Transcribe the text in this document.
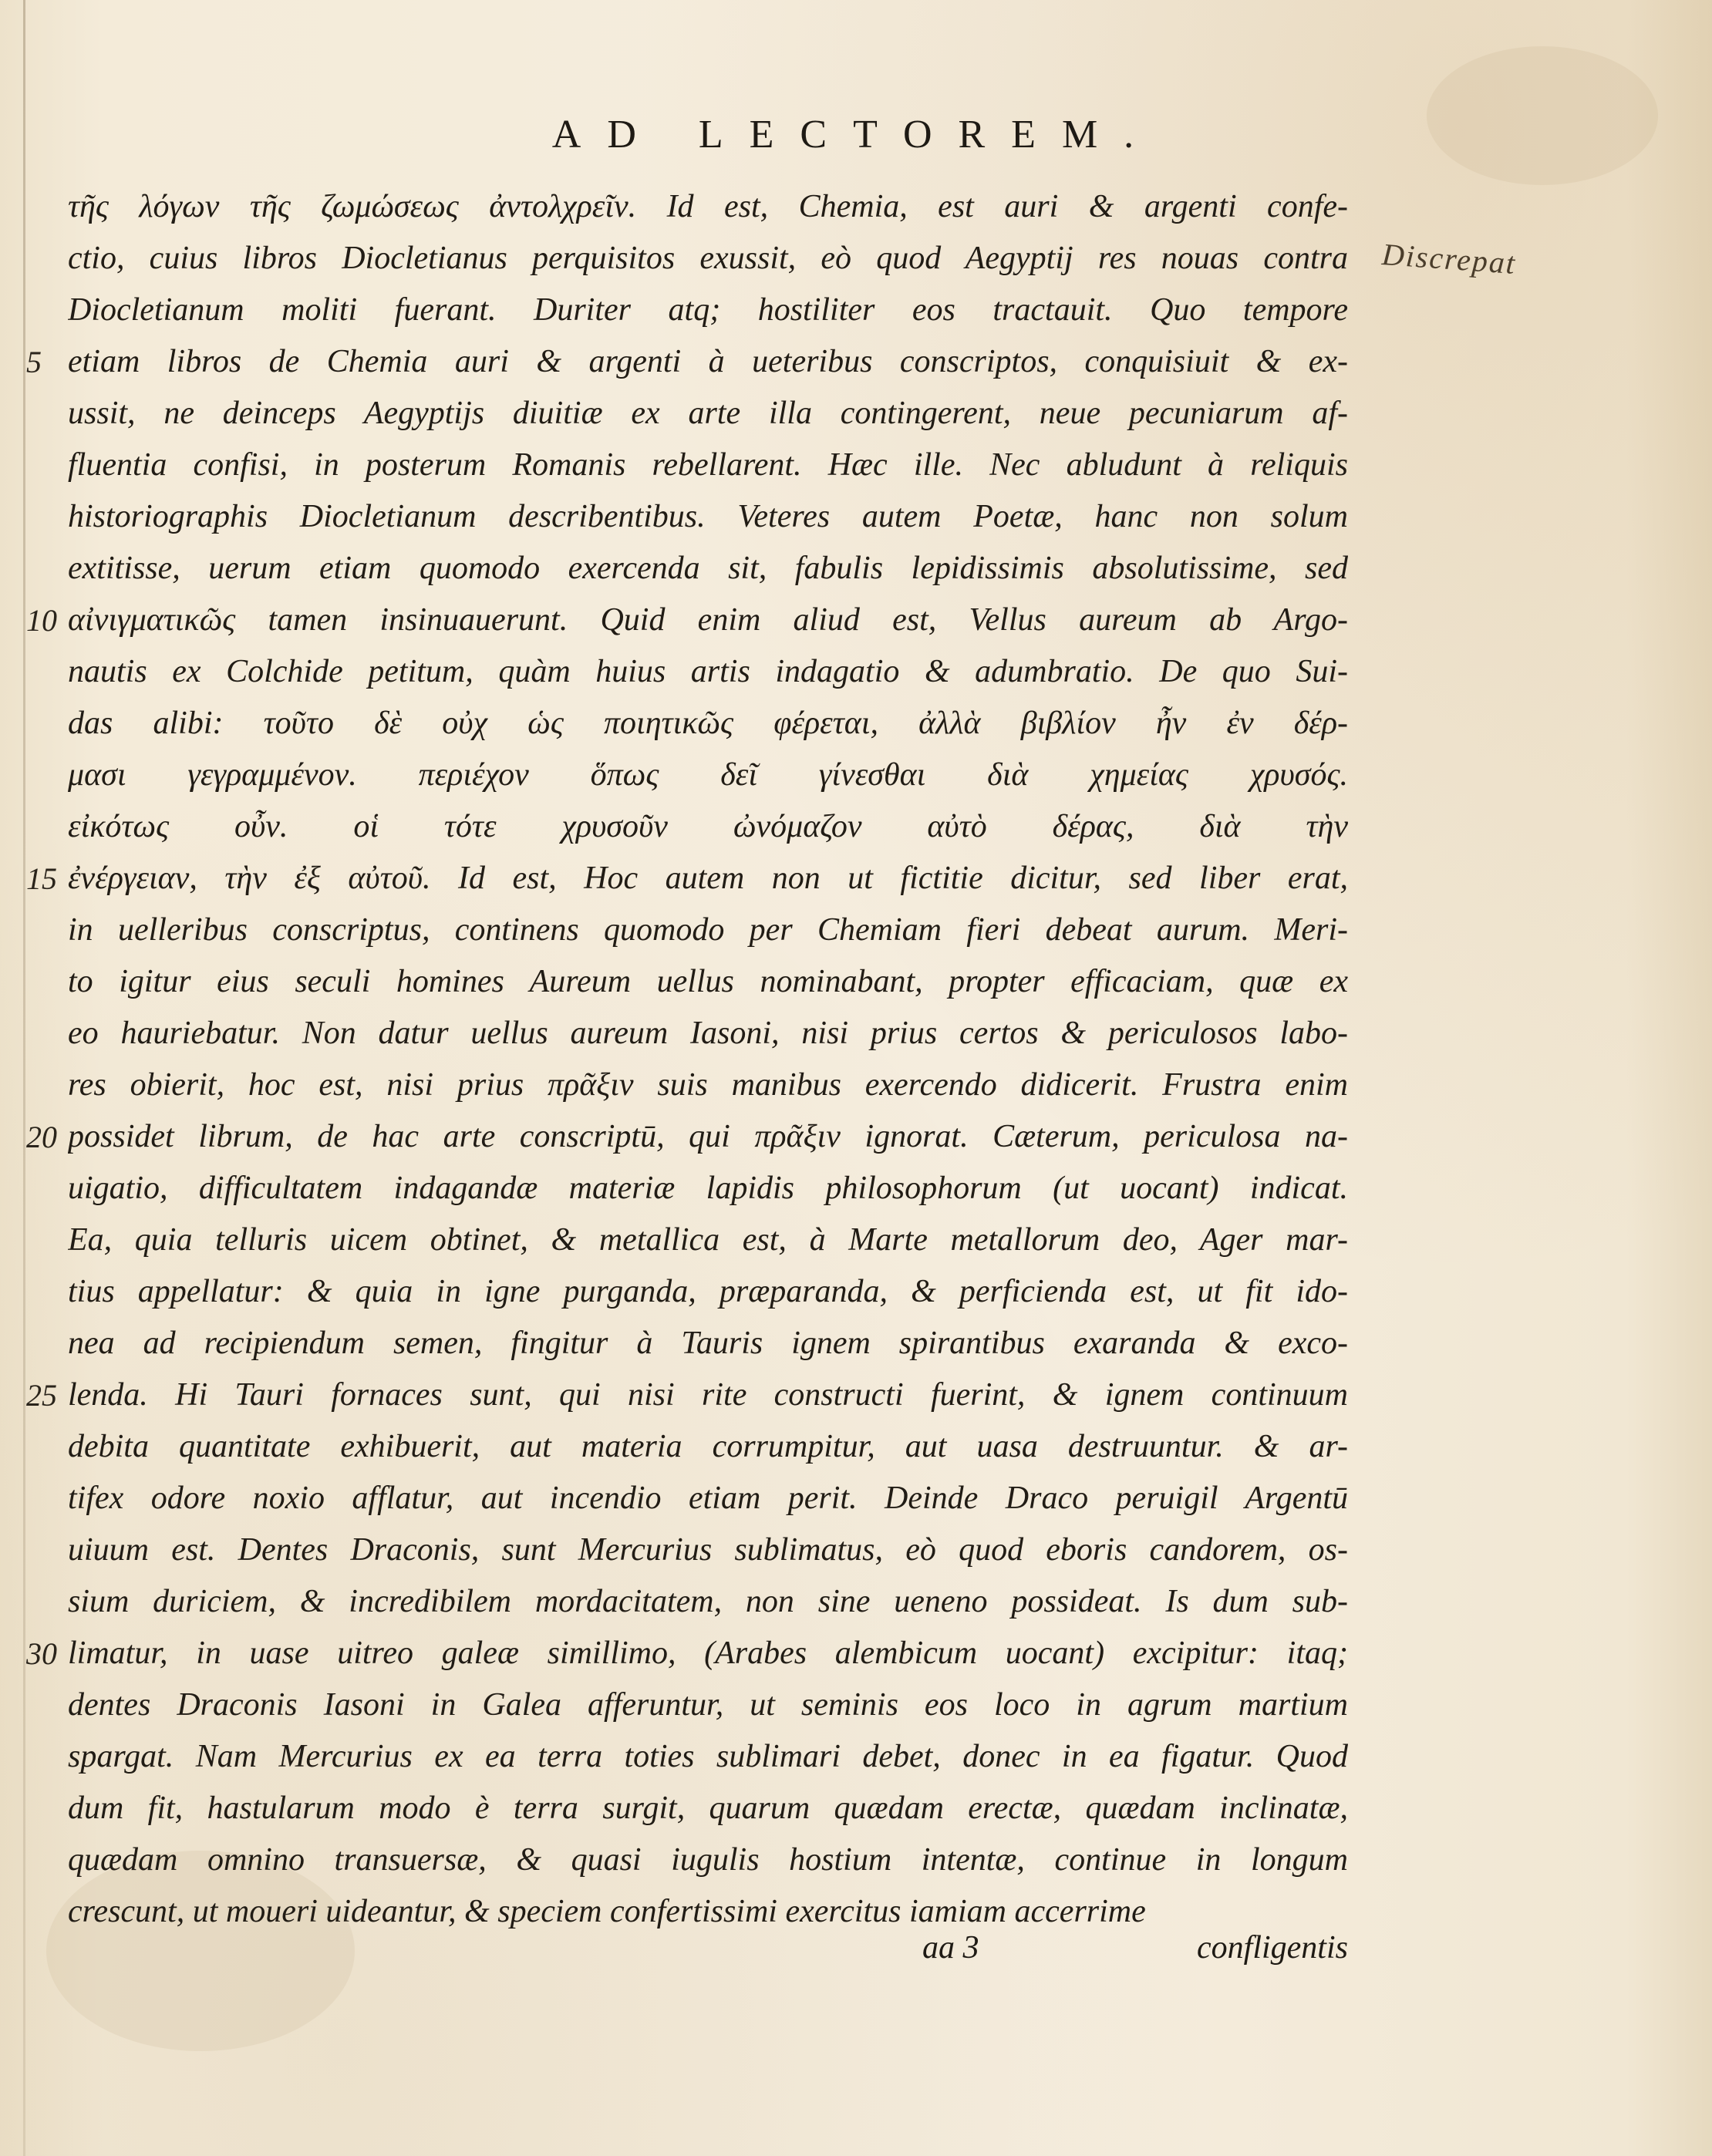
AD LECTOREM.
Discrepat
5
10
15
20
25
30
τῆς λόγων τῆς ζωμώσεως ἀντολχρεῖν. Id est, Chemia, est auri & argenti confe-
ctio, cuius libros Diocletianus perquisitos exussit, eò quod Aegyptij res nouas contra
Diocletianum moliti fuerant. Duriter atq; hostiliter eos tractauit. Quo tempore
etiam libros de Chemia auri & argenti à ueteribus conscriptos, conquisiuit & ex-
ussit, ne deinceps Aegyptijs diuitiæ ex arte illa contingerent, neue pecuniarum af-
fluentia confisi, in posterum Romanis rebellarent. Hæc ille. Nec abludunt à reliquis
historiographis Diocletianum describentibus. Veteres autem Poetæ, hanc non solum
extitisse, uerum etiam quomodo exercenda sit, fabulis lepidissimis absolutissime, sed
αἰνιγματικῶς tamen insinuauerunt. Quid enim aliud est, Vellus aureum ab Argo-
nautis ex Colchide petitum, quàm huius artis indagatio & adumbratio. De quo Sui-
das alibi: τοῦτο δὲ οὐχ ὡς ποιητικῶς φέρεται, ἀλλὰ βιβλίον ἦν ἐν δέρ-
μασι γεγραμμένον. περιέχον ὅπως δεῖ γίνεσθαι διὰ χημείας χρυσός.
εἰκότως οὖν. οἱ τότε χρυσοῦν ὠνόμαζον αὐτὸ δέρας, διὰ τὴν
ἐνέργειαν, τὴν ἐξ αὐτοῦ. Id est, Hoc autem non ut fictitie dicitur, sed liber erat,
in uelleribus conscriptus, continens quomodo per Chemiam fieri debeat aurum. Meri-
to igitur eius seculi homines Aureum uellus nominabant, propter efficaciam, quæ ex
eo hauriebatur. Non datur uellus aureum Iasoni, nisi prius certos & periculosos labo-
res obierit, hoc est, nisi prius πρᾶξιν suis manibus exercendo didicerit. Frustra enim
possidet librum, de hac arte conscriptū, qui πρᾶξιν ignorat. Cæterum, periculosa na-
uigatio, difficultatem indagandæ materiæ lapidis philosophorum (ut uocant) indicat.
Ea, quia telluris uicem obtinet, & metallica est, à Marte metallorum deo, Ager mar-
tius appellatur: & quia in igne purganda, præparanda, & perficienda est, ut fit ido-
nea ad recipiendum semen, fingitur à Tauris ignem spirantibus exaranda & exco-
lenda. Hi Tauri fornaces sunt, qui nisi rite constructi fuerint, & ignem continuum
debita quantitate exhibuerit, aut materia corrumpitur, aut uasa destruuntur. & ar-
tifex odore noxio afflatur, aut incendio etiam perit. Deinde Draco peruigil Argentū
uiuum est. Dentes Draconis, sunt Mercurius sublimatus, eò quod eboris candorem, os-
sium duriciem, & incredibilem mordacitatem, non sine ueneno possideat. Is dum sub-
limatur, in uase uitreo galeæ simillimo, (Arabes alembicum uocant) excipitur: itaq;
dentes Draconis Iasoni in Galea afferuntur, ut seminis eos loco in agrum martium
spargat. Nam Mercurius ex ea terra toties sublimari debet, donec in ea figatur. Quod
dum fit, hastularum modo è terra surgit, quarum quædam erectæ, quædam inclinatæ,
quædam omnino transuersæ, & quasi iugulis hostium intentæ, continue in longum
crescunt, ut moueri uideantur, & speciem confertissimi exercitus iamiam accerrime
aa 3	confligentis
